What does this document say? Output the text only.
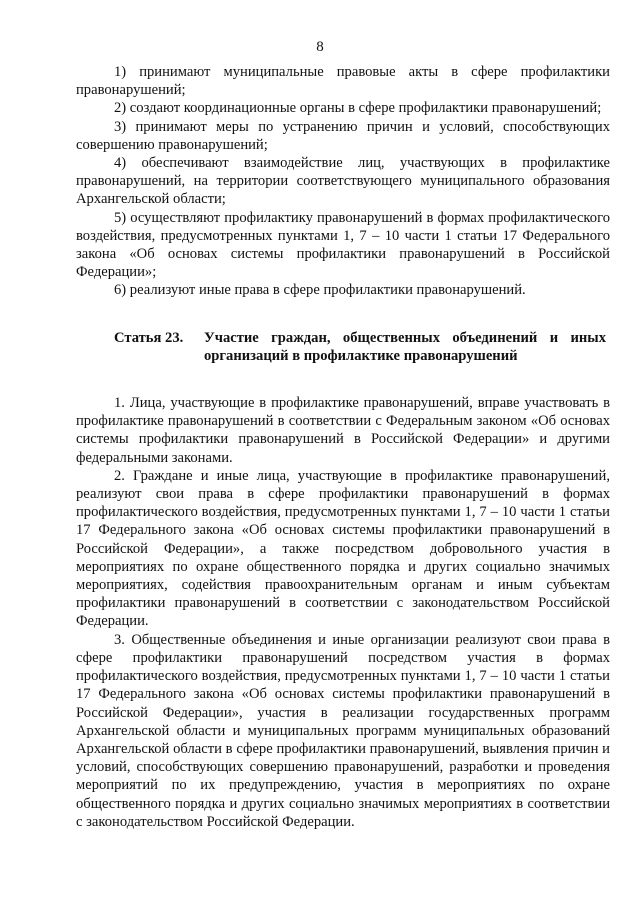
8

1) принимают муниципальные правовые акты в сфере профилактики правонарушений;

2) создают координационные органы в сфере профилактики правонарушений;

3) принимают меры по устранению причин и условий, способствующих совершению правонарушений;

4) обеспечивают взаимодействие лиц, участвующих в профилактике правонарушений, на территории соответствующего муниципального образования Архангельской области;

5) осуществляют профилактику правонарушений в формах профилактического воздействия, предусмотренных пунктами 1, 7 – 10 части 1 статьи 17 Федерального закона «Об основах системы профилактики правонарушений в Российской Федерации»;

6) реализуют иные права в сфере профилактики правонарушений.

Статья 23.	Участие граждан, общественных объединений и иных организаций в профилактике правонарушений

1. Лица, участвующие в профилактике правонарушений, вправе участвовать в профилактике правонарушений в соответствии с Федеральным законом «Об основах системы профилактики правонарушений в Российской Федерации» и другими федеральными законами.

2. Граждане и иные лица, участвующие в профилактике правонарушений, реализуют свои права в сфере профилактики правонарушений в формах профилактического воздействия, предусмотренных пунктами 1, 7 – 10 части 1 статьи 17 Федерального закона «Об основах системы профилактики правонарушений в Российской Федерации», а также посредством добровольного участия в мероприятиях по охране общественного порядка и других социально значимых мероприятиях, содействия правоохранительным органам и иным субъектам профилактики правонарушений в соответствии с законодательством Российской Федерации.

3. Общественные объединения и иные организации реализуют свои права в сфере профилактики правонарушений посредством участия в формах профилактического воздействия, предусмотренных пунктами 1, 7 – 10 части 1 статьи 17 Федерального закона «Об основах системы профилактики правонарушений в Российской Федерации», участия в реализации государственных программ Архангельской области и муниципальных программ муниципальных образований Архангельской области в сфере профилактики правонарушений, выявления причин и условий, способствующих совершению правонарушений, разработки и проведения мероприятий по их предупреждению, участия в мероприятиях по охране общественного порядка и других социально значимых мероприятиях в соответствии с законодательством Российской Федерации.
